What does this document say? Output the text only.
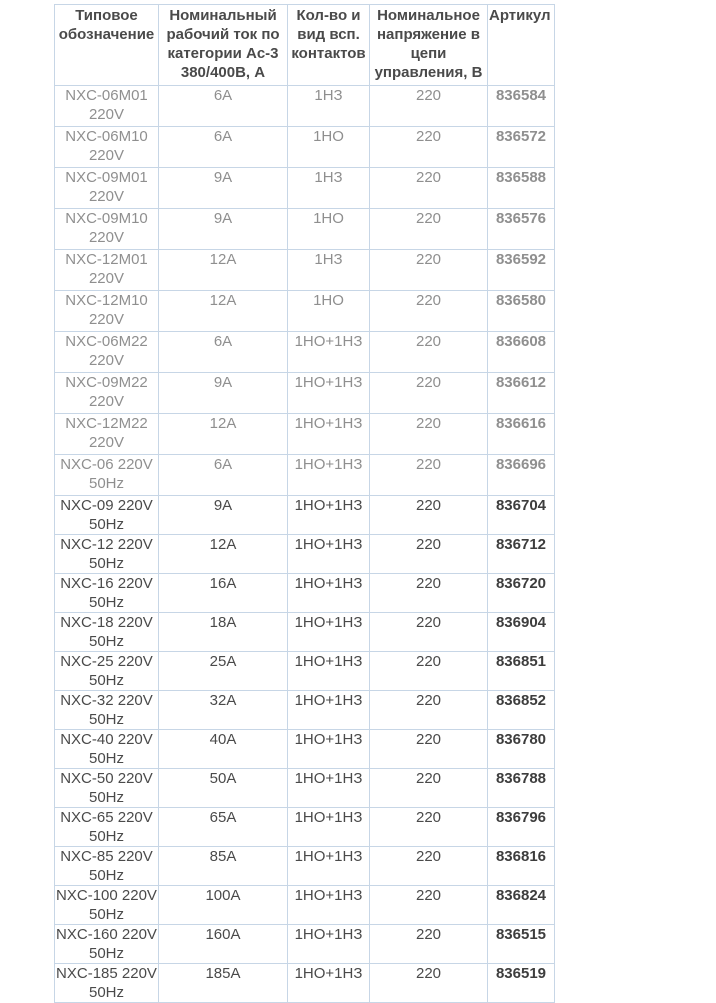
Типовое обозначение	Номинальный рабочий ток по категории Ac-3 380/400В, А	Кол-во и вид всп. контактов	Номинальное напряжение в цепи управления, В	Артикул
NXC-06M01 220V	6A	1НЗ	220	836584
NXC-06M10 220V	6A	1НО	220	836572
NXC-09M01 220V	9A	1НЗ	220	836588
NXC-09M10 220V	9A	1НО	220	836576
NXC-12M01 220V	12A	1НЗ	220	836592
NXC-12M10 220V	12A	1НО	220	836580
NXC-06M22 220V	6A	1НО+1НЗ	220	836608
NXC-09M22 220V	9A	1НО+1НЗ	220	836612
NXC-12M22 220V	12A	1НО+1НЗ	220	836616
NXC-06 220V 50Hz	6A	1НО+1НЗ	220	836696
NXC-09 220V 50Hz	9A	1НО+1НЗ	220	836704
NXC-12 220V 50Hz	12A	1НО+1НЗ	220	836712
NXC-16 220V 50Hz	16A	1НО+1НЗ	220	836720
NXC-18 220V 50Hz	18A	1НО+1НЗ	220	836904
NXC-25 220V 50Hz	25A	1НО+1НЗ	220	836851
NXC-32 220V 50Hz	32A	1НО+1НЗ	220	836852
NXC-40 220V 50Hz	40A	1НО+1НЗ	220	836780
NXC-50 220V 50Hz	50A	1НО+1НЗ	220	836788
NXC-65 220V 50Hz	65A	1НО+1НЗ	220	836796
NXC-85 220V 50Hz	85A	1НО+1НЗ	220	836816
NXC-100 220V 50Hz	100A	1НО+1НЗ	220	836824
NXC-160 220V 50Hz	160A	1НО+1НЗ	220	836515
NXC-185 220V 50Hz	185A	1НО+1НЗ	220	836519
